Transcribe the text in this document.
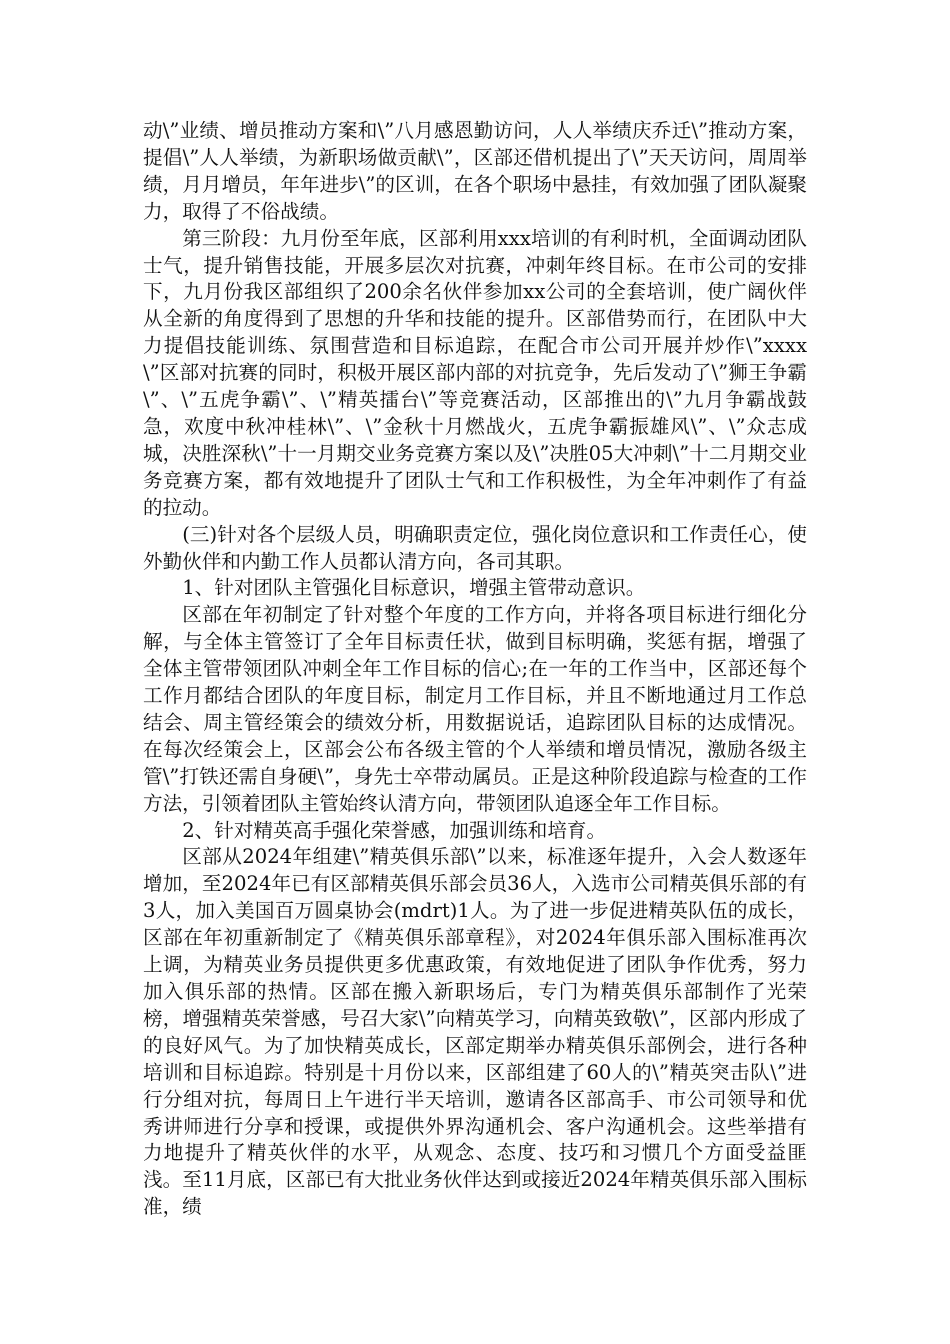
动\”业绩、增员推动方案和\”八月感恩勤访问，人人举绩庆乔迁\”推动方案，提倡\”人人举绩，为新职场做贡献\”，区部还借机提出了\”天天访问，周周举绩，月月增员，年年进步\”的区训，在各个职场中悬挂，有效加强了团队凝聚力，取得了不俗战绩。

第三阶段：九月份至年底，区部利用xxx培训的有利时机，全面调动团队士气，提升销售技能，开展多层次对抗赛，冲刺年终目标。在市公司的安排下，九月份我区部组织了200余名伙伴参加xx公司的全套培训，使广阔伙伴从全新的角度得到了思想的升华和技能的提升。区部借势而行，在团队中大力提倡技能训练、氛围营造和目标追踪，在配合市公司开展并炒作\”xxxx\”区部对抗赛的同时，积极开展区部内部的对抗竞争，先后发动了\”狮王争霸\”、\”五虎争霸\”、\”精英擂台\”等竞赛活动，区部推出的\”九月争霸战鼓急，欢度中秋冲桂林\”、\”金秋十月燃战火，五虎争霸振雄风\”、\”众志成城，决胜深秋\”十一月期交业务竞赛方案以及\”决胜05大冲刺\”十二月期交业务竞赛方案，都有效地提升了团队士气和工作积极性，为全年冲刺作了有益的拉动。

(三)针对各个层级人员，明确职责定位，强化岗位意识和工作责任心，使外勤伙伴和内勤工作人员都认清方向，各司其职。

1、针对团队主管强化目标意识，增强主管带动意识。

区部在年初制定了针对整个年度的工作方向，并将各项目标进行细化分解，与全体主管签订了全年目标责任状，做到目标明确，奖惩有据，增强了全体主管带领团队冲刺全年工作目标的信心;在一年的工作当中，区部还每个工作月都结合团队的年度目标，制定月工作目标，并且不断地通过月工作总结会、周主管经策会的绩效分析，用数据说话，追踪团队目标的达成情况。在每次经策会上，区部会公布各级主管的个人举绩和增员情况，激励各级主管\”打铁还需自身硬\”，身先士卒带动属员。正是这种阶段追踪与检查的工作方法，引领着团队主管始终认清方向，带领团队追逐全年工作目标。

2、针对精英高手强化荣誉感，加强训练和培育。

区部从2024年组建\”精英俱乐部\”以来，标准逐年提升，入会人数逐年增加，至2024年已有区部精英俱乐部会员36人，入选市公司精英俱乐部的有3人，加入美国百万圆桌协会(mdrt)1人。为了进一步促进精英队伍的成长，区部在年初重新制定了《精英俱乐部章程》，对2024年俱乐部入围标准再次上调，为精英业务员提供更多优惠政策，有效地促进了团队争作优秀，努力加入俱乐部的热情。区部在搬入新职场后，专门为精英俱乐部制作了光荣榜，增强精英荣誉感，号召大家\”向精英学习，向精英致敬\”，区部内形成了的良好风气。为了加快精英成长，区部定期举办精英俱乐部例会，进行各种培训和目标追踪。特别是十月份以来，区部组建了60人的\”精英突击队\”进行分组对抗，每周日上午进行半天培训，邀请各区部高手、市公司领导和优秀讲师进行分享和授课，或提供外界沟通机会、客户沟通机会。这些举措有力地提升了精英伙伴的水平，从观念、态度、技巧和习惯几个方面受益匪浅。至11月底，区部已有大批业务伙伴达到或接近2024年精英俱乐部入围标准，绩
